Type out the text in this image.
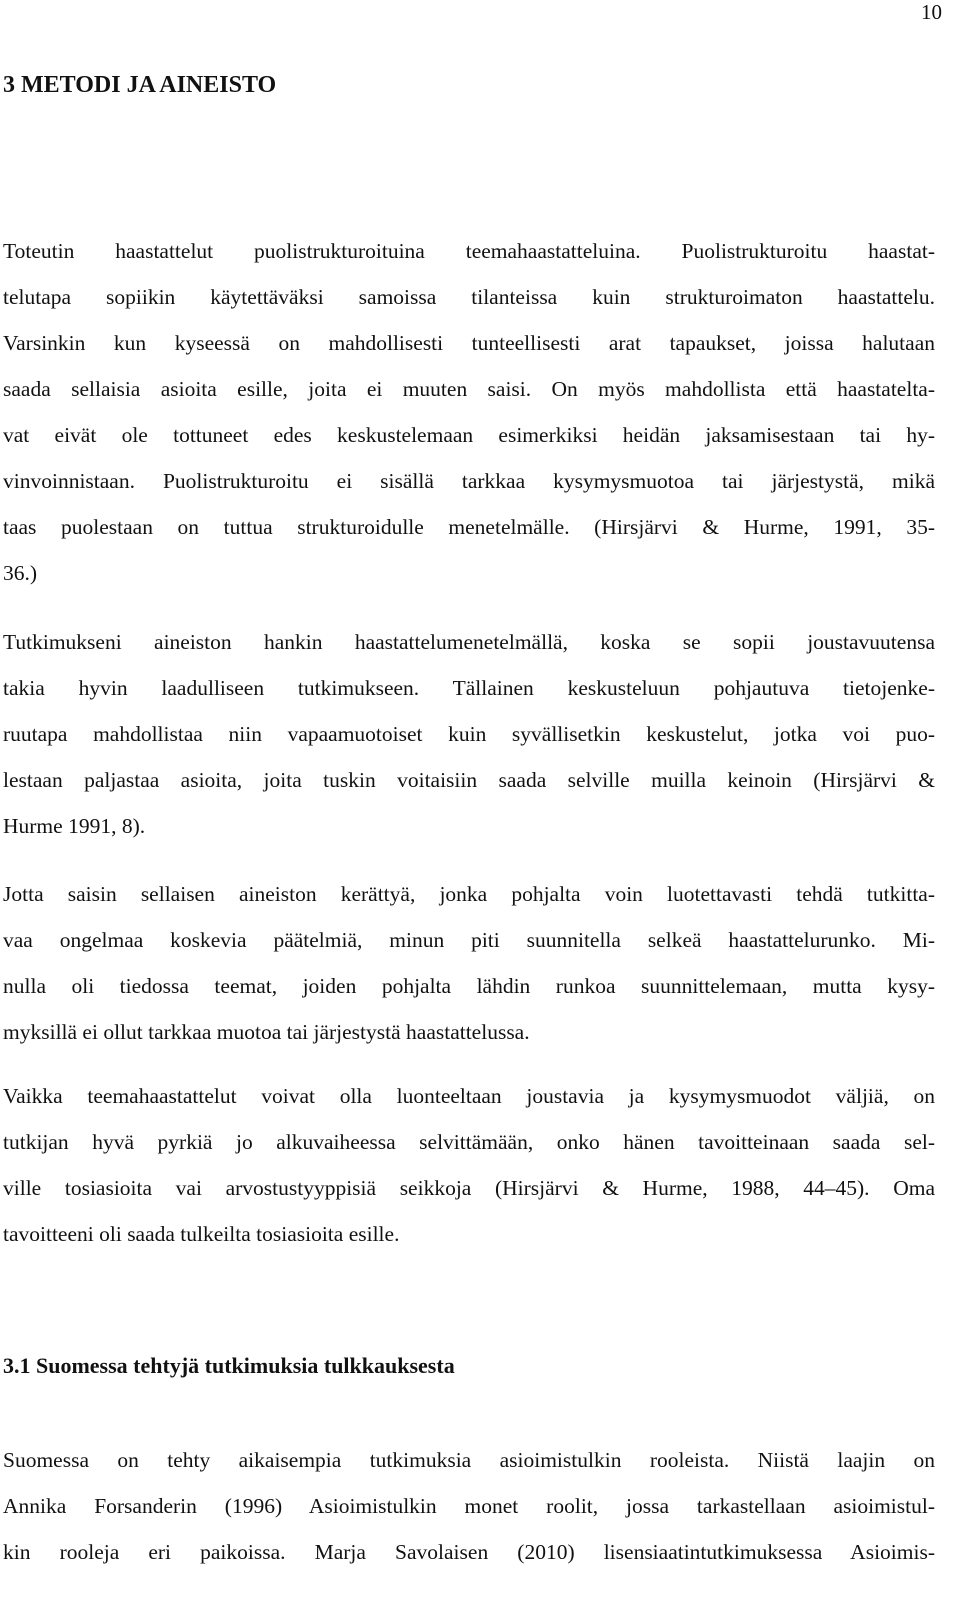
10
3 METODI JA AINEISTO
Toteutin haastattelut puolistrukturoituina teemahaastatteluina. Puolistrukturoitu haastat-
telutapa sopiikin käytettäväksi samoissa tilanteissa kuin strukturoimaton haastattelu.
Varsinkin kun kyseessä on mahdollisesti tunteellisesti arat tapaukset, joissa halutaan
saada sellaisia asioita esille, joita ei muuten saisi. On myös mahdollista että haastatelta-
vat eivät ole tottuneet edes keskustelemaan esimerkiksi heidän jaksamisestaan tai hy-
vinvoinnistaan. Puolistrukturoitu ei sisällä tarkkaa kysymysmuotoa tai järjestystä, mikä
taas puolestaan on tuttua strukturoidulle menetelmälle. (Hirsjärvi & Hurme, 1991, 35-
36.)
Tutkimukseni aineiston hankin haastattelumenetelmällä, koska se sopii joustavuutensa
takia hyvin laadulliseen tutkimukseen. Tällainen keskusteluun pohjautuva tietojenke-
ruutapa mahdollistaa niin vapaamuotoiset kuin syvällisetkin keskustelut, jotka voi puo-
lestaan paljastaa asioita, joita tuskin voitaisiin saada selville muilla keinoin (Hirsjärvi &
Hurme 1991, 8).
Jotta saisin sellaisen aineiston kerättyä, jonka pohjalta voin luotettavasti tehdä tutkitta-
vaa ongelmaa koskevia päätelmiä, minun piti suunnitella selkeä haastattelurunko. Mi-
nulla oli tiedossa teemat, joiden pohjalta lähdin runkoa suunnittelemaan, mutta kysy-
myksillä ei ollut tarkkaa muotoa tai järjestystä haastattelussa.
Vaikka teemahaastattelut voivat olla luonteeltaan joustavia ja kysymysmuodot väljiä, on
tutkijan hyvä pyrkiä jo alkuvaiheessa selvittämään, onko hänen tavoitteinaan saada sel-
ville tosiasioita vai arvostustyyppisiä seikkoja (Hirsjärvi & Hurme, 1988, 44–45). Oma
tavoitteeni oli saada tulkeilta tosiasioita esille.
3.1 Suomessa tehtyjä tutkimuksia tulkkauksesta
Suomessa on tehty aikaisempia tutkimuksia asioimistulkin rooleista. Niistä laajin on
Annika Forsanderin (1996) Asioimistulkin monet roolit, jossa tarkastellaan asioimistul-
kin rooleja eri paikoissa. Marja Savolaisen (2010) lisensiaatintutkimuksessa Asioimis-
